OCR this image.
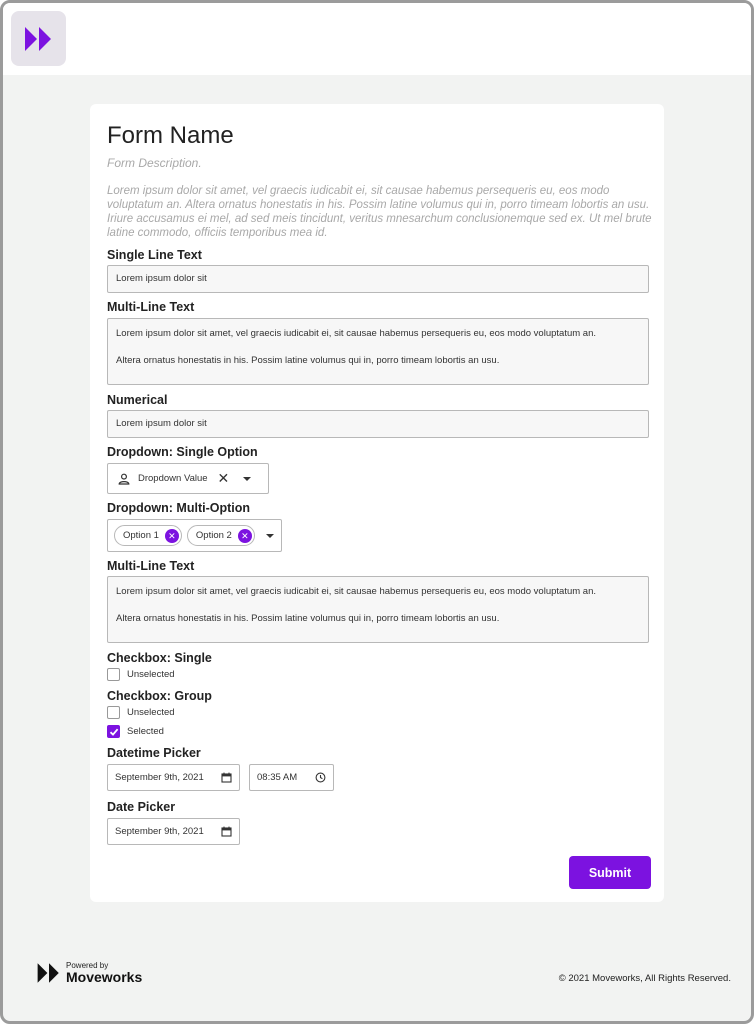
Form Name
Form Description.
Lorem ipsum dolor sit amet, vel graecis iudicabit ei, sit causae habemus persequeris eu, eos modo voluptatum an. Altera ornatus honestatis in his. Possim latine volumus qui in, porro timeam lobortis an usu. Iriure accusamus ei mel, ad sed meis tincidunt, veritus mnesarchum conclusionemque sed ex. Ut mel brute latine commodo, officiis temporibus mea id.
Single Line Text
Lorem ipsum dolor sit
Multi-Line Text

Lorem ipsum dolor sit amet, vel graecis iudicabit ei, sit causae habemus persequeris eu, eos modo voluptatum an.

Altera ornatus honestatis in his. Possim latine volumus qui in, porro timeam lobortis an usu.

Numerical
Lorem ipsum dolor sit
Dropdown: Single Option
Dropdown Value ✕
Dropdown: Multi-Option
Option 1	✕	Option 2	✕
Multi-Line Text

Lorem ipsum dolor sit amet, vel graecis iudicabit ei, sit causae habemus persequeris eu, eos modo voluptatum an.

Altera ornatus honestatis in his. Possim latine volumus qui in, porro timeam lobortis an usu.

Checkbox: Single
Unselected
Checkbox: Group
Unselected
Selected
Datetime Picker
September 9th, 2021	08:35 AM
Date Picker
September 9th, 2021
Submit
Powered by
Moveworks	© 2021 Moveworks, All Rights Reserved.
